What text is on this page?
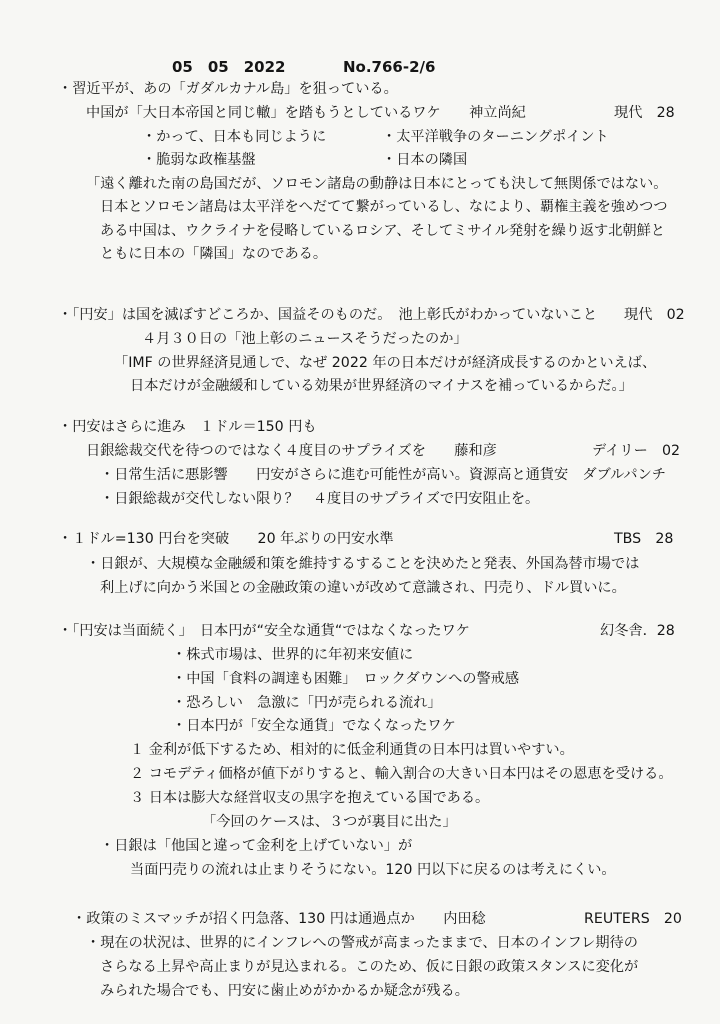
05　05　2022	No.766-2/6
・習近平が、あの「ガダルカナル島」を狙っている。
中国が「大日本帝国と同じ轍」を踏もうとしているワケ　　神立尚紀	現代　28
・かって、日本も同じように	・太平洋戦争のターニングポイント
・脆弱な政権基盤	・日本の隣国
「遠く離れた南の島国だが、ソロモン諸島の動静は日本にとっても決して無関係ではない。
日本とソロモン諸島は太平洋をへだてて繋がっているし、なにより、覇権主義を強めつつ
ある中国は、ウクライナを侵略しているロシア、そしてミサイル発射を繰り返す北朝鮮と
ともに日本の「隣国」なのである。
・「円安」は国を滅ぼすどころか、国益そのものだ。　池上彰氏がわかっていないこと 現代　02
４月３０日の「池上彰のニュースそうだったのか」
「IMF の世界経済見通しで、なぜ 2022 年の日本だけが経済成長するのかといえば、
日本だけが金融緩和している効果が世界経済のマイナスを補っているからだ。」
・円安はさらに進み　１ドル＝150 円も
日銀総裁交代を待つのではなく４度目のサプライズを　　藤和彦	デイリー　02
・日常生活に悪影響　　円安がさらに進む可能性が高い。資源高と通貨安　ダブルパンチ
・日銀総裁が交代しない限り？　４度目のサプライズで円安阻止を。
・１ドル=130 円台を突破　　20 年ぶりの円安水準	TBS　28
・日銀が、大規模な金融緩和策を維持するすることを決めたと発表、外国為替市場では
利上げに向かう米国との金融政策の違いが改めて意識され、円売り、ドル買いに。
・「円安は当面続く」　日本円が“安全な通貨“ではなくなったワケ	幻冬舎．28
・株式市場は、世界的に年初来安値に
・中国「食料の調達も困難」　ロックダウンへの警戒感
・恐ろしい　急激に「円が売られる流れ」
・日本円が「安全な通貨」でなくなったワケ
１ 金利が低下するため、相対的に低金利通貨の日本円は買いやすい。
２ コモデティ価格が値下がりすると、輸入割合の大きい日本円はその恩恵を受ける。
３ 日本は膨大な経営収支の黒字を抱えている国である。
「今回のケースは、３つが裏目に出た」
・日銀は「他国と違って金利を上げていない」が
当面円売りの流れは止まりそうにない。120 円以下に戻るのは考えにくい。
・政策のミスマッチが招く円急落、130 円は通過点か　　内田稔	REUTERS　20
・現在の状況は、世界的にインフレへの警戒が高まったままで、日本のインフレ期待の
さらなる上昇や高止まりが見込まれる。このため、仮に日銀の政策スタンスに変化が
みられた場合でも、円安に歯止めがかかるか疑念が残る。
